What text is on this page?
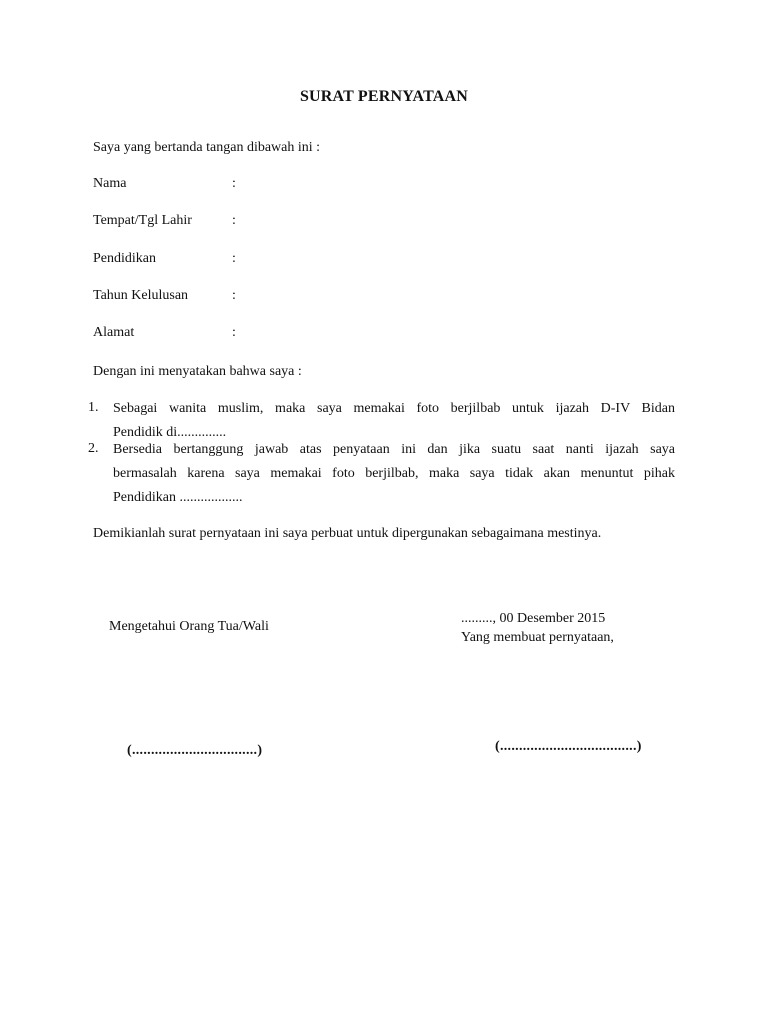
SURAT PERNYATAAN
Saya yang bertanda tangan dibawah ini :
Nama	:
Tempat/Tgl Lahir	:
Pendidikan	:
Tahun Kelulusan	:
Alamat	:
Dengan ini menyatakan bahwa saya :
1. Sebagai wanita muslim, maka saya memakai foto berjilbab untuk ijazah D-IV Bidan
Pendidik di..............
2. Bersedia bertanggung jawab atas penyataan ini dan jika suatu saat nanti ijazah saya
bermasalah karena saya memakai foto berjilbab, maka saya tidak akan menuntut pihak
Pendidikan ..................
Demikianlah surat pernyataan ini saya perbuat untuk dipergunakan sebagaimana mestinya.
Mengetahui Orang Tua/Wali
........., 00 Desember 2015
Yang membuat pernyataan,
(.................................)	(....................................)
